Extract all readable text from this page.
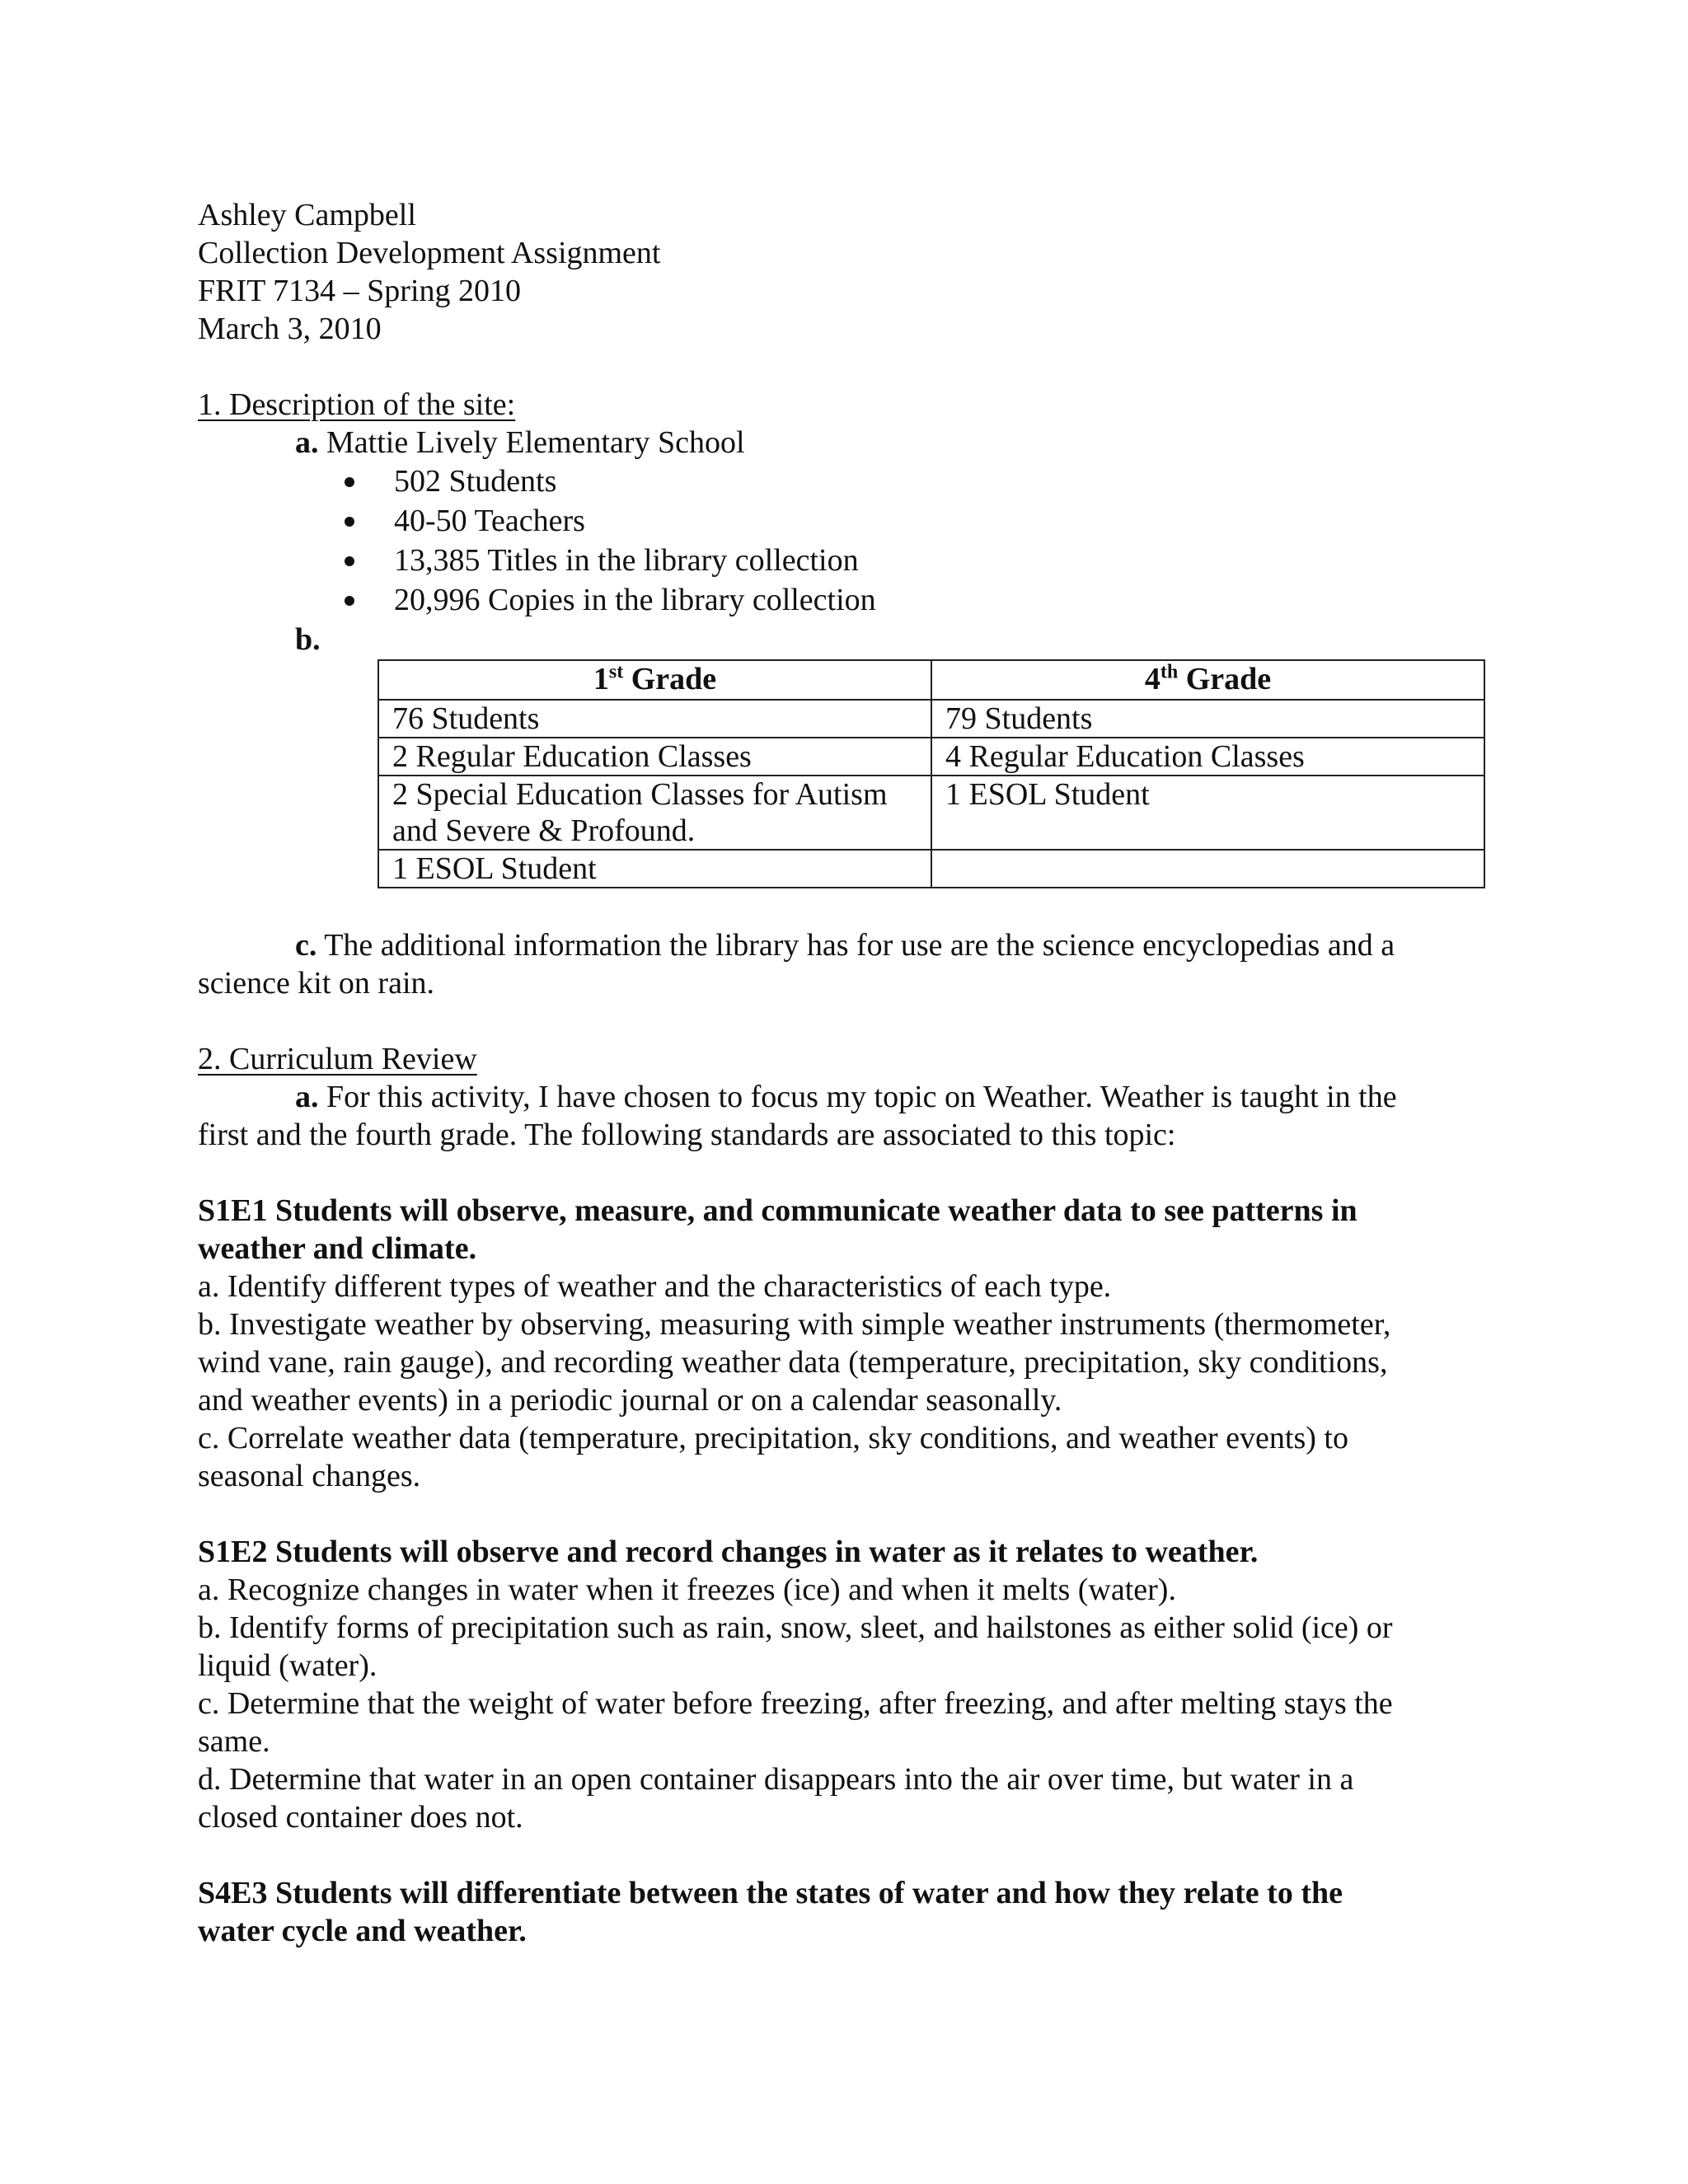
Ashley Campbell
Collection Development Assignment
FRIT 7134 – Spring 2010
March 3, 2010
1. Description of the site:
a. Mattie Lively Elementary School
502 Students
40-50 Teachers
13,385 Titles in the library collection
20,996 Copies in the library collection
b.
1st Grade	4th Grade
76 Students	79 Students
2 Regular Education Classes	4 Regular Education Classes
2 Special Education Classes for Autism and Severe & Profound.	1 ESOL Student
1 ESOL Student	
c. The additional information the library has for use are the science encyclopedias and a
science kit on rain.
2. Curriculum Review
a. For this activity, I have chosen to focus my topic on Weather. Weather is taught in the
first and the fourth grade. The following standards are associated to this topic:
S1E1 Students will observe, measure, and communicate weather data to see patterns in
weather and climate.
a. Identify different types of weather and the characteristics of each type.
b. Investigate weather by observing, measuring with simple weather instruments (thermometer,
wind vane, rain gauge), and recording weather data (temperature, precipitation, sky conditions,
and weather events) in a periodic journal or on a calendar seasonally.
c. Correlate weather data (temperature, precipitation, sky conditions, and weather events) to
seasonal changes.
S1E2 Students will observe and record changes in water as it relates to weather.
a. Recognize changes in water when it freezes (ice) and when it melts (water).
b. Identify forms of precipitation such as rain, snow, sleet, and hailstones as either solid (ice) or
liquid (water).
c. Determine that the weight of water before freezing, after freezing, and after melting stays the
same.
d. Determine that water in an open container disappears into the air over time, but water in a
closed container does not.
S4E3 Students will differentiate between the states of water and how they relate to the
water cycle and weather.
